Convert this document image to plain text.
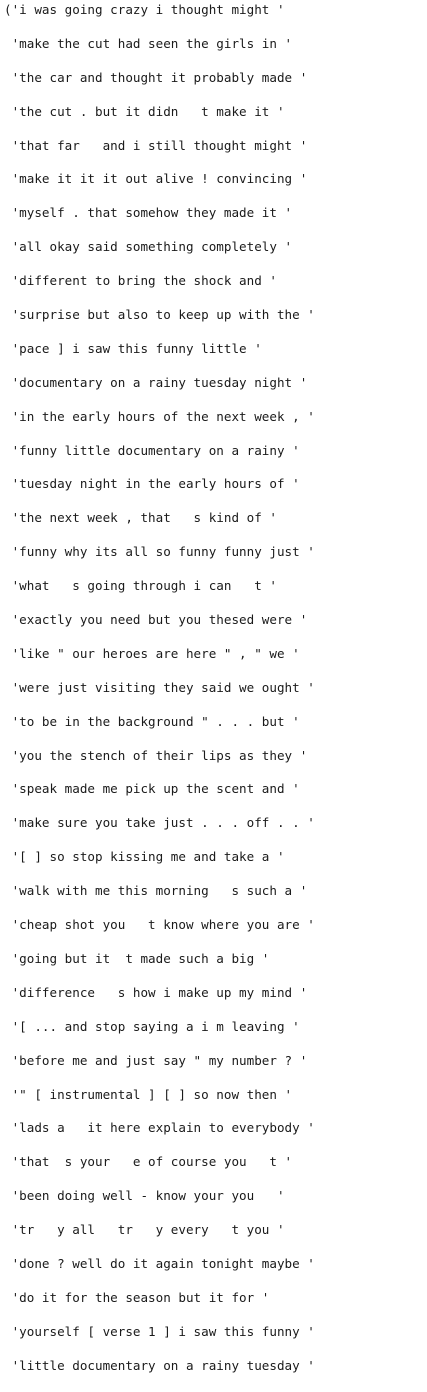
('i was going crazy i thought might '

'make the cut had seen the girls in '

'the car and thought it probably made '

'the cut . but it didn   t make it '

'that far   and i still thought might '

'make it it it out alive ! convincing '

'myself . that somehow they made it '

'all okay said something completely '

'different to bring the shock and '

'surprise but also to keep up with the '

'pace ] i saw this funny little '

'documentary on a rainy tuesday night '

'in the early hours of the next week , '

'funny little documentary on a rainy '

'tuesday night in the early hours of '

'the next week , that   s kind of '

'funny why its all so funny funny just '

'what   s going through i can   t '

'exactly you need but you thesed were '

'like " our heroes are here " , " we '

'were just visiting they said we ought '

'to be in the background " . . . but '

'you the stench of their lips as they '

'speak made me pick up the scent and '

'make sure you take just . . . off . . '

'[ ] so stop kissing me and take a '

'walk with me this morning   s such a '

'cheap shot you   t know where you are '

'going but it  t made such a big '

'difference   s how i make up my mind '

'[ ... and stop saying a i m leaving '

'before me and just say " my number ? '

'" [ instrumental ] [ ] so now then '

'lads a   it here explain to everybody '

'that  s your   e of course you   t '

'been doing well - know your you   '

'tr   y all   tr   y every   t you '

'done ? well do it again tonight maybe '

'do it for the season but it for '

'yourself [ verse 1 ] i saw this funny '

'little documentary on a rainy tuesday '
